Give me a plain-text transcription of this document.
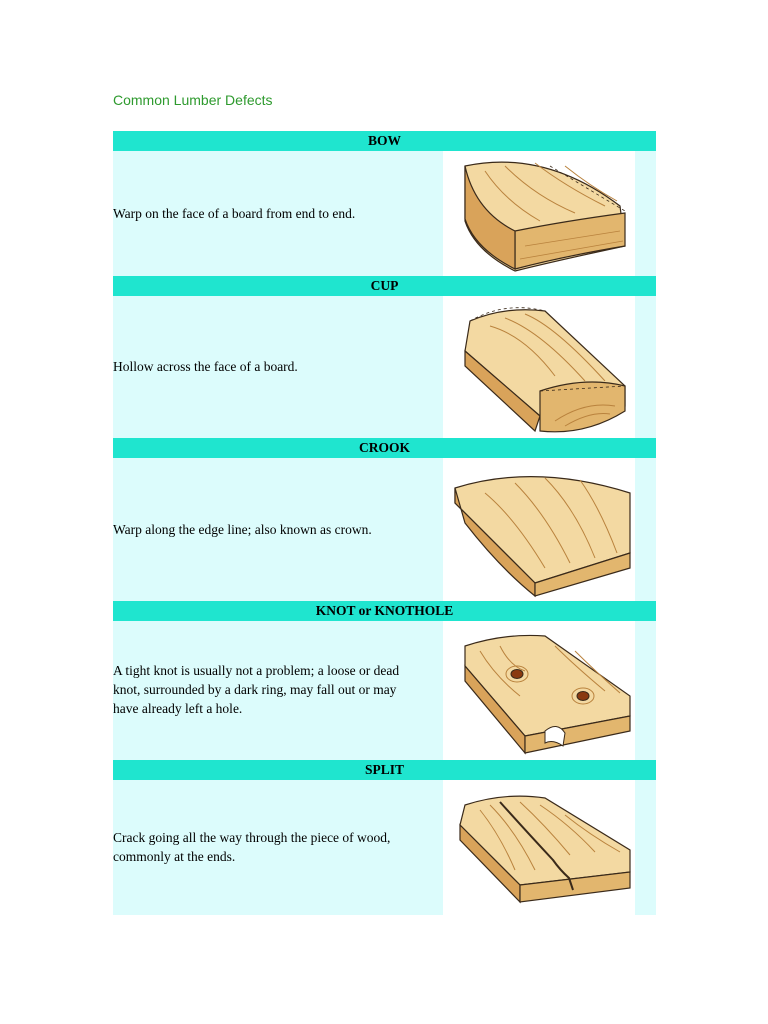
Common Lumber Defects
BOW
Warp on the face of a board from end to end.
CUP
Hollow across the face of a board.
CROOK
Warp along the edge line; also known as crown.
KNOT or KNOTHOLE
A tight knot is usually not a problem; a loose or dead
knot, surrounded by a dark ring, may fall out or may
have already left a hole.
SPLIT
Crack going all the way through the piece of wood,
commonly at the ends.
